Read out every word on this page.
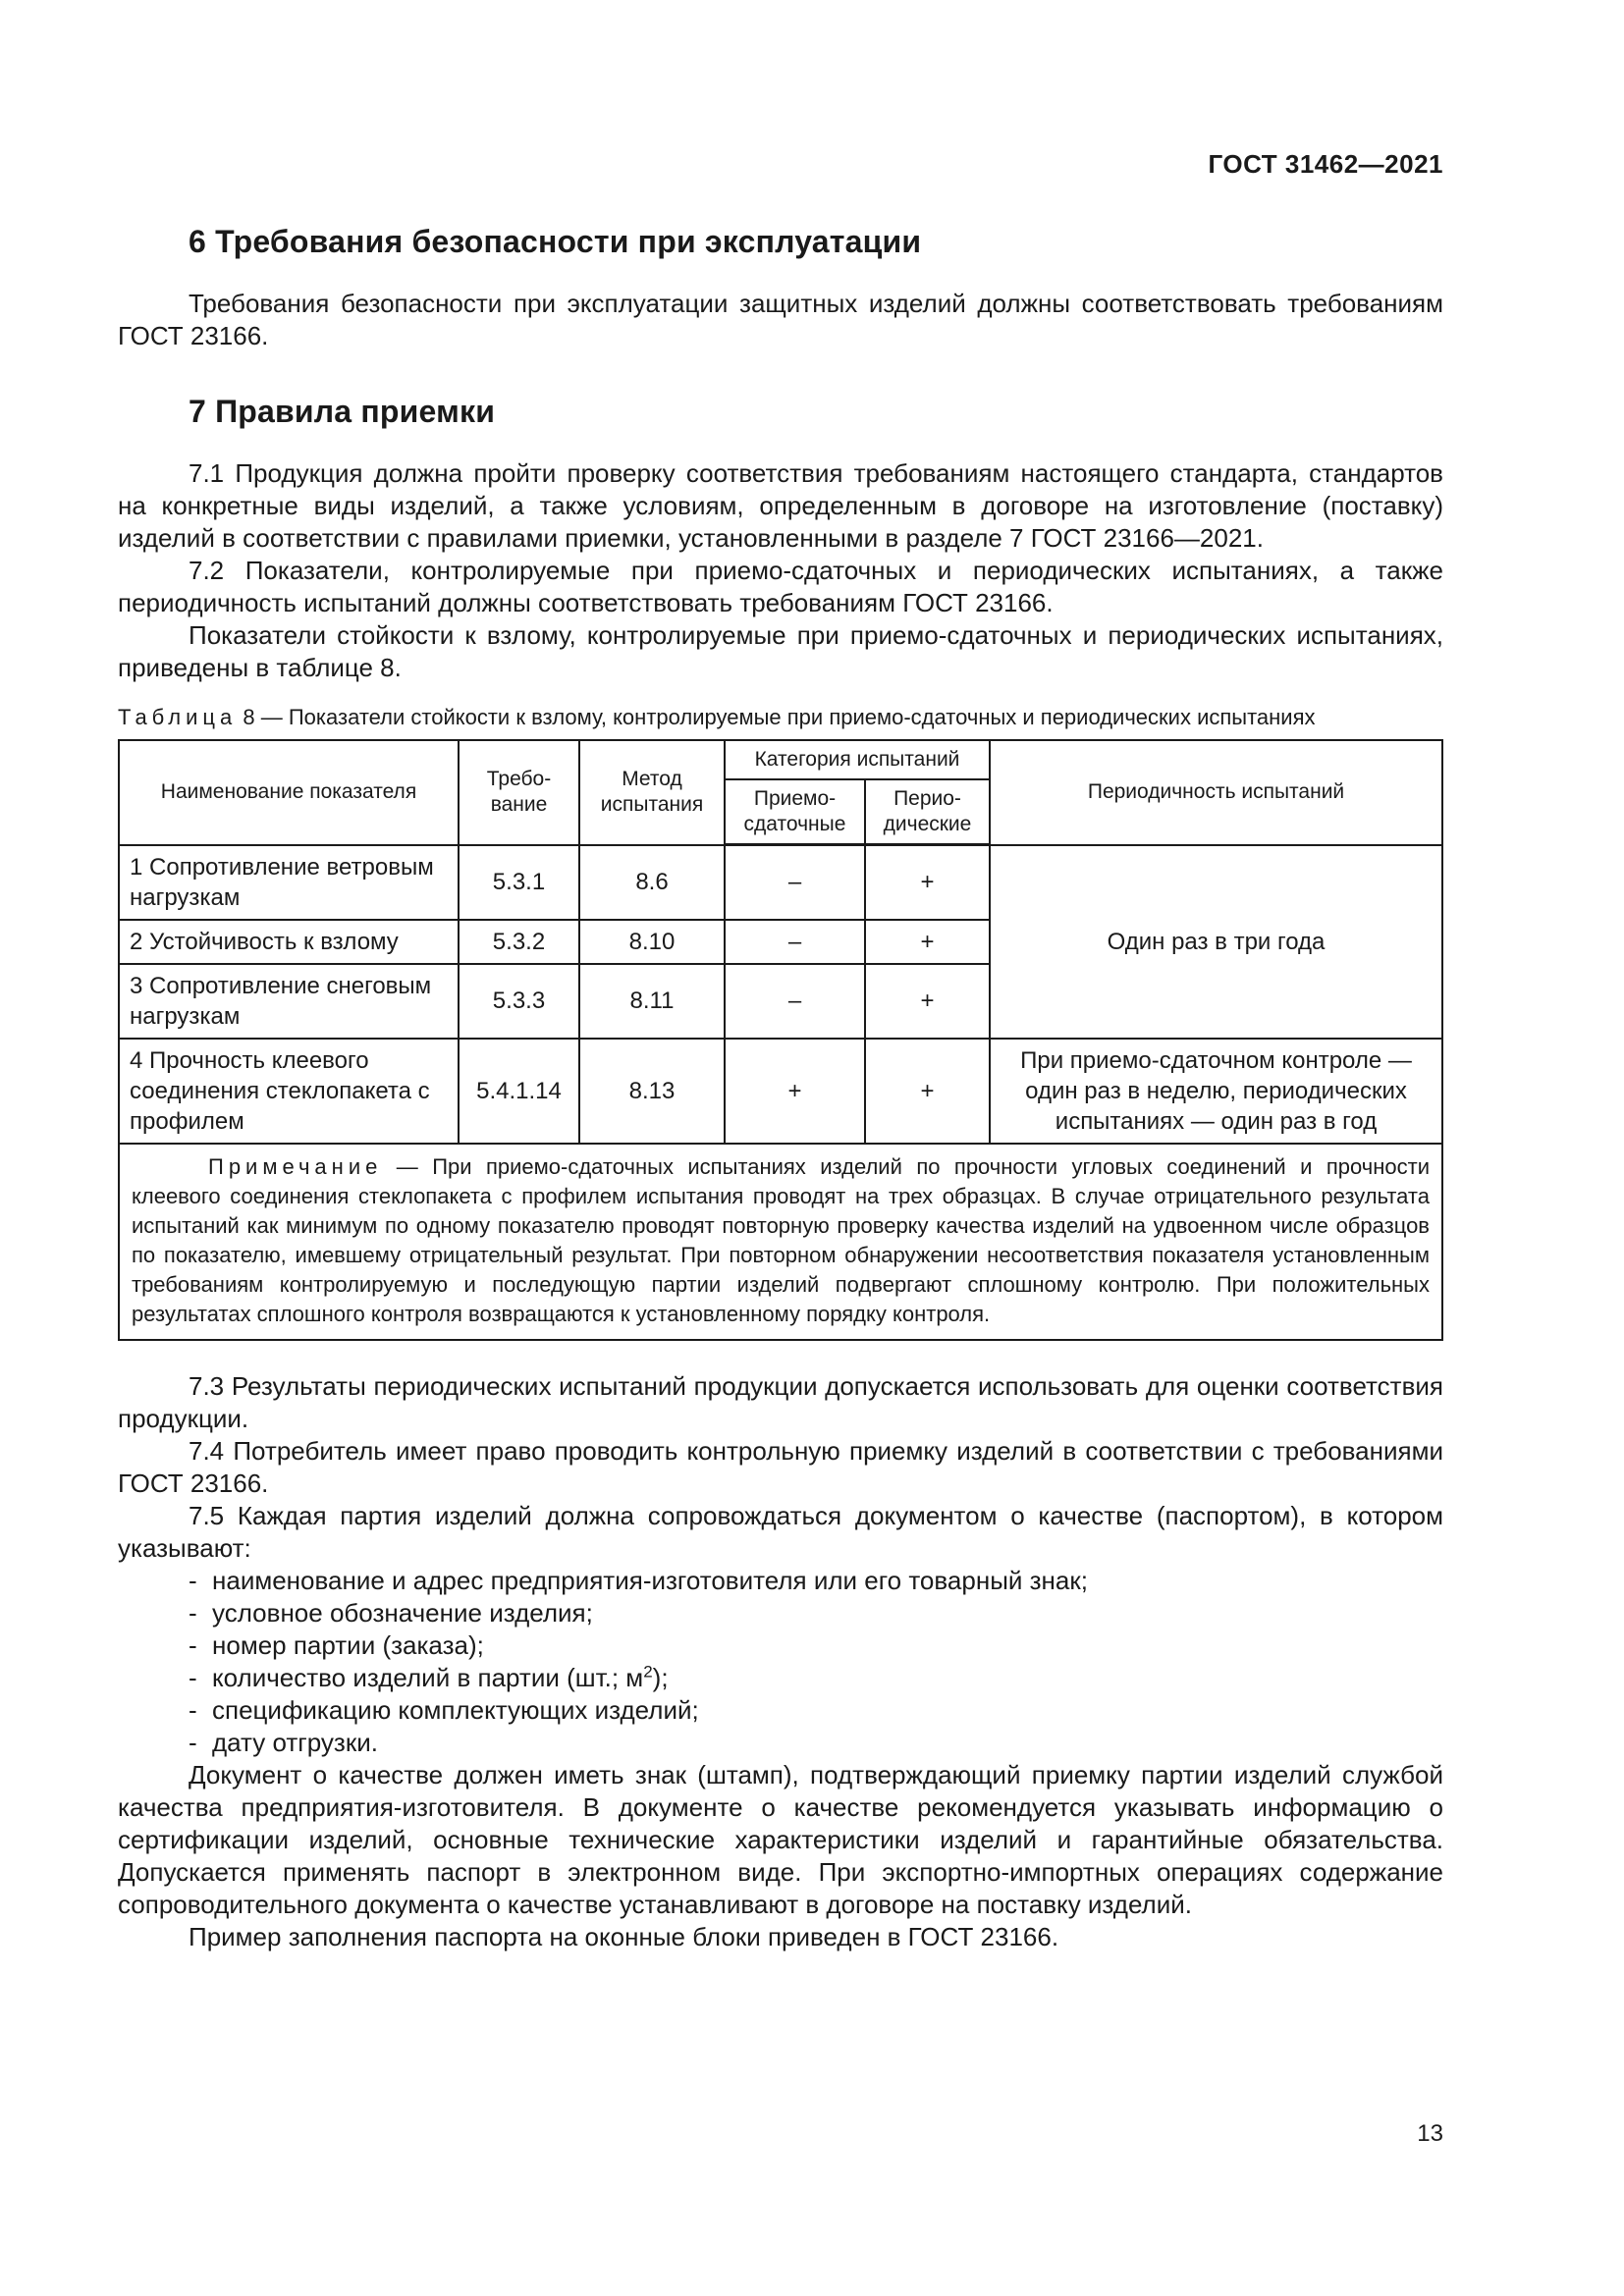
ГОСТ 31462—2021
6 Требования безопасности при эксплуатации

Требования безопасности при эксплуатации защитных изделий должны соответствовать требованиям ГОСТ 23166.

7 Правила приемки

7.1 Продукция должна пройти проверку соответствия требованиям настоящего стандарта, стандартов на конкретные виды изделий, а также условиям, определенным в договоре на изготовление (поставку) изделий в соответствии с правилами приемки, установленными в разделе 7 ГОСТ 23166—2021.

7.2 Показатели, контролируемые при приемо-сдаточных и периодических испытаниях, а также периодичность испытаний должны соответствовать требованиям ГОСТ 23166.

Показатели стойкости к взлому, контролируемые при приемо-сдаточных и периодических испытаниях, приведены в таблице 8.

Таблица 8 — Показатели стойкости к взлому, контролируемые при приемо-сдаточных и периодических испытаниях
Наименование показателя	Требо-вание	Метод испытания	Категория испытаний		Периодичность испытаний
			Приемо-сдаточные	Перио-дические	
1 Сопротивление ветровым нагрузкам	5.3.1	8.6	–	+	Один раз в три года
2 Устойчивость к взлому	5.3.2	8.10	–	+	
3 Сопротивление снеговым нагрузкам	5.3.3	8.11	–	+	
4 Прочность клеевого соединения стеклопакета с профилем	5.4.1.14	8.13	+	+	При приемо-сдаточном контроле — один раз в неделю, периодических испытаниях — один раз в год
Примечание — При приемо-сдаточных испытаниях изделий по прочности угловых соединений и прочности клеевого соединения стеклопакета с профилем испытания проводят на трех образцах. В случае отрицательного результата испытаний как минимум по одному показателю проводят повторную проверку качества изделий на удвоенном числе образцов по показателю, имевшему отрицательный результат. При повторном обнаружении несоответствия показателя установленным требованиям контролируемую и последующую партии изделий подвергают сплошному контролю. При положительных результатах сплошного контроля возвращаются к установленному порядку контроля.					

7.3 Результаты периодических испытаний продукции допускается использовать для оценки соответствия продукции.

7.4 Потребитель имеет право проводить контрольную приемку изделий в соответствии с требованиями ГОСТ 23166.

7.5 Каждая партия изделий должна сопровождаться документом о качестве (паспортом), в котором указывают:

- наименование и адрес предприятия-изготовителя или его товарный знак;
- условное обозначение изделия;
- номер партии (заказа);
- количество изделий в партии (шт.; $м^2$);
- спецификацию комплектующих изделий;
- дату отгрузки.

Документ о качестве должен иметь знак (штамп), подтверждающий приемку партии изделий службой качества предприятия-изготовителя. В документе о качестве рекомендуется указывать информацию о сертификации изделий, основные технические характеристики изделий и гарантийные обязательства. Допускается применять паспорт в электронном виде. При экспортно-импортных операциях содержание сопроводительного документа о качестве устанавливают в договоре на поставку изделий.

Пример заполнения паспорта на оконные блоки приведен в ГОСТ 23166.

13
